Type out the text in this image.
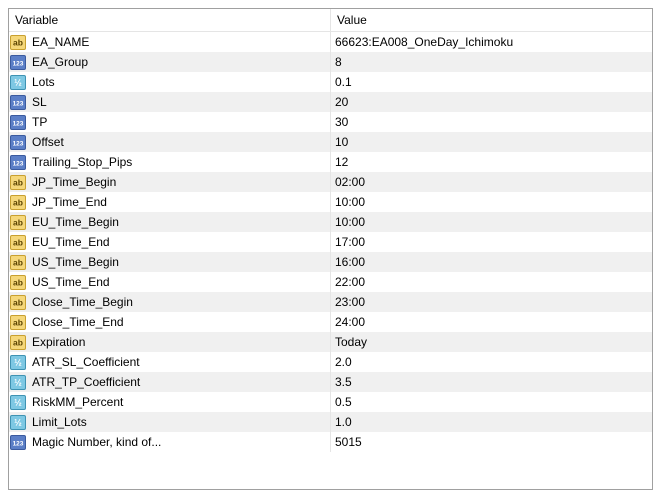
Variable	Value
ab EA_NAME	66623:EA008_OneDay_Ichimoku
123 EA_Group	8
½ Lots	0.1
123 SL	20
123 TP	30
123 Offset	10
123 Trailing_Stop_Pips	12
ab JP_Time_Begin	02:00
ab JP_Time_End	10:00
ab EU_Time_Begin	10:00
ab EU_Time_End	17:00
ab US_Time_Begin	16:00
ab US_Time_End	22:00
ab Close_Time_Begin	23:00
ab Close_Time_End	24:00
ab Expiration	Today
½ ATR_SL_Coefficient	2.0
½ ATR_TP_Coefficient	3.5
½ RiskMM_Percent	0.5
½ Limit_Lots	1.0
123 Magic Number, kind of...	5015
